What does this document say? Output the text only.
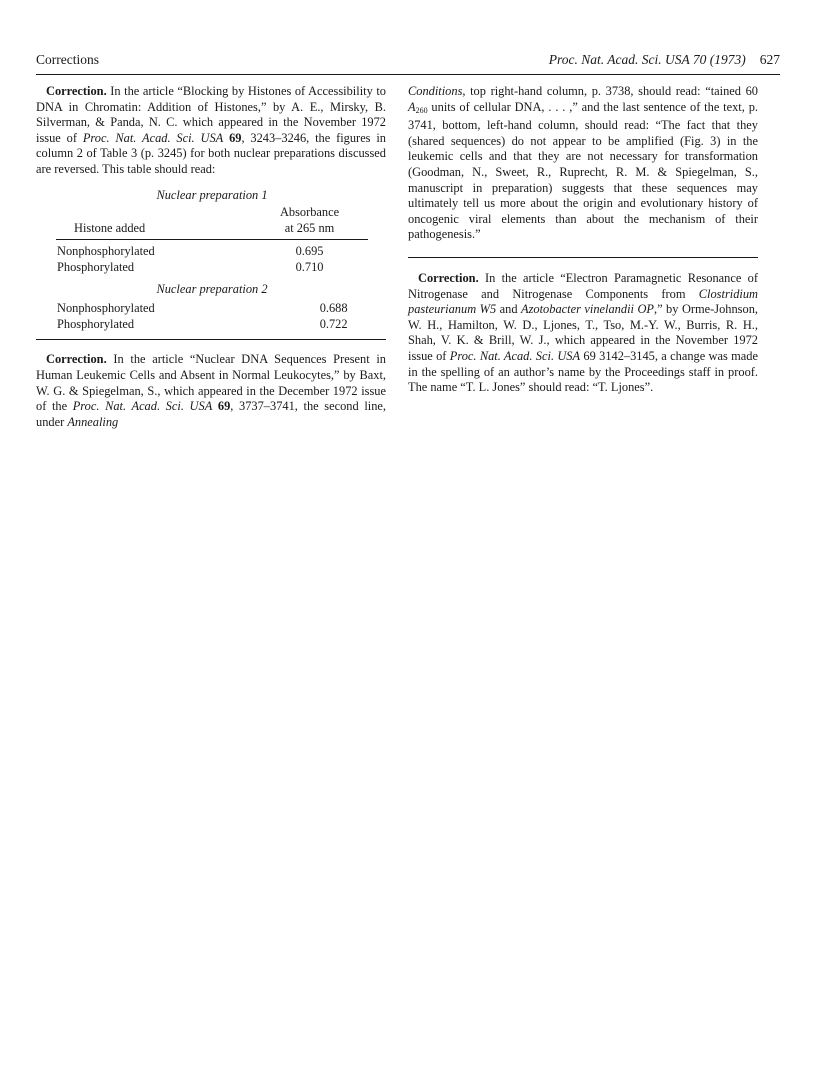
Corrections	Proc. Nat. Acad. Sci. USA 70 (1973) 627

Correction. In the article “Blocking by Histones of Accessibility to DNA in Chromatin: Addition of Histones,” by A. E., Mirsky, B. Silverman, & Panda, N. C. which appeared in the November 1972 issue of Proc. Nat. Acad. Sci. USA 69, 3243–3246, the figures in column 2 of Table 3 (p. 3245) for both nuclear preparations discussed are reversed. This table should read:

Nuclear preparation 1
Histone added	Absorbance
at 265 nm

Nonphosphorylated	0.695
Phosphorylated	0.710
Nuclear preparation 2
Nonphosphorylated	0.688
Phosphorylated	0.722

Correction. In the article “Nuclear DNA Sequences Present in Human Leukemic Cells and Absent in Normal Leukocytes,” by Baxt, W. G. & Spiegelman, S., which appeared in the December 1972 issue of the Proc. Nat. Acad. Sci. USA 69, 3737–3741, the second line, under Annealing

Conditions, top right-hand column, p. 3738, should read: “tained 60 $A_{260}$ units of cellular DNA, . . . ,” and the last sentence of the text, p. 3741, bottom, left-hand column, should read: “The fact that they (shared sequences) do not appear to be amplified (Fig. 3) in the leukemic cells and that they are not necessary for transformation (Goodman, N., Sweet, R., Ruprecht, R. M. & Spiegelman, S., manuscript in preparation) suggests that these sequences may ultimately tell us more about the origin and evolutionary history of oncogenic viral elements than about the mechanism of their pathogenesis.”

Correction. In the article “Electron Paramagnetic Resonance of Nitrogenase and Nitrogenase Components from Clostridium pasteurianum W5 and Azotobacter vinelandii OP,” by Orme-Johnson, W. H., Hamilton, W. D., Ljones, T., Tso, M.-Y. W., Burris, R. H., Shah, V. K. & Brill, W. J., which appeared in the November 1972 issue of Proc. Nat. Acad. Sci. USA 69 3142–3145, a change was made in the spelling of an author’s name by the Proceedings staff in proof. The name “T. L. Jones” should read: “T. Ljones”.
